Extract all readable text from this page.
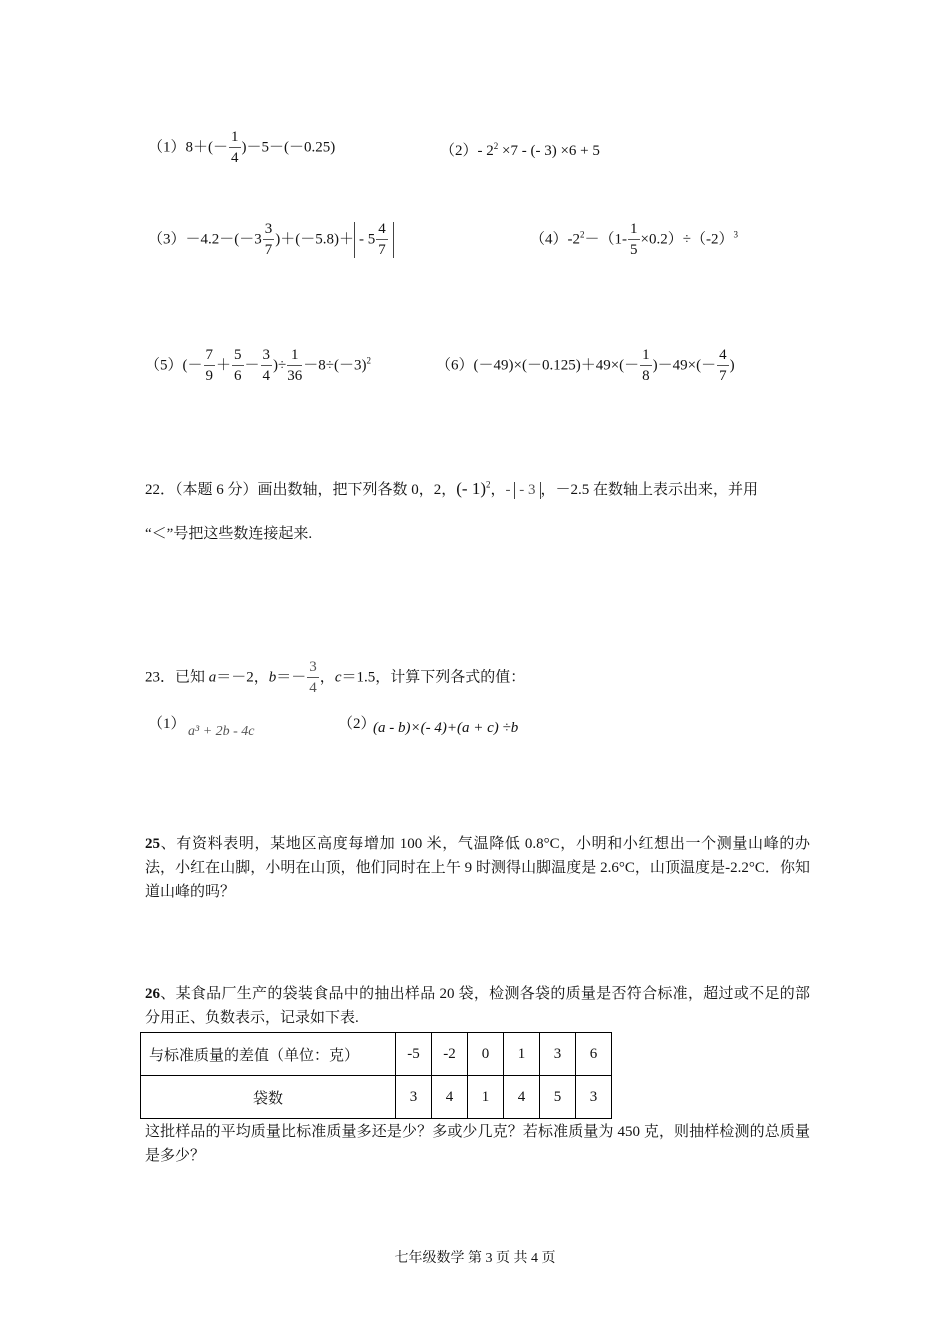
$(1)8+(- \frac{1}{4} )-5-(-0.25)$	（2）- $2^2 \times 7$ - (- 3) ×6 + 5
$(3)-4.2-(-3 \frac{3}{7} )+(-5.8)+ - 5 \frac{4}{7}$	$(4)-2^2-(1- \frac{1}{5} \times 0.2)\div(-2)^3$
$(5)(- \frac{7}{9} + \frac{5}{6} - \frac{3}{4}$ )÷ $\frac{1}{36} -8\div(-3)^2$	$(6)(-49)\times(-0.125)+49\times(- \frac{1}{8} )-49\times(- \frac{4}{7}$ )
22．（本题 6 分）画出数轴，把下列各数 0，2，(- 1)$^2$，- - 3 ，－2.5 在数轴上表示出来，并用
“＜”号把这些数连接起来.
23．已知 a＝－2，$b=- \frac{3}{4}$ ，c＝1.5，计算下列各式的值：
（1） a³ + 2b - 4c	（2）
(a - b)×(- 4)+(a + c) ÷b
25、有资料表明，某地区高度每增加 100 米，气温降低 0.8°C，小明和小红想出一个测量山峰的办法，小红在山脚，小明在山顶，他们同时在上午 9 时测得山脚温度是 2.6°C，山顶温度是-2.2°C．你知道山峰的吗？
26、某食品厂生产的袋装食品中的抽出样品 20 袋，检测各袋的质量是否符合标准，超过或不足的部分用正、负数表示，记录如下表.
与标准质量的差值（单位：克）	-5	-2	0	1	3	6
袋数	3	4	1	4	5	3
这批样品的平均质量比标准质量多还是少？多或少几克？若标准质量为 450 克，则抽样检测的总质量是多少？
七年级数学 第 3 页 共 4 页
